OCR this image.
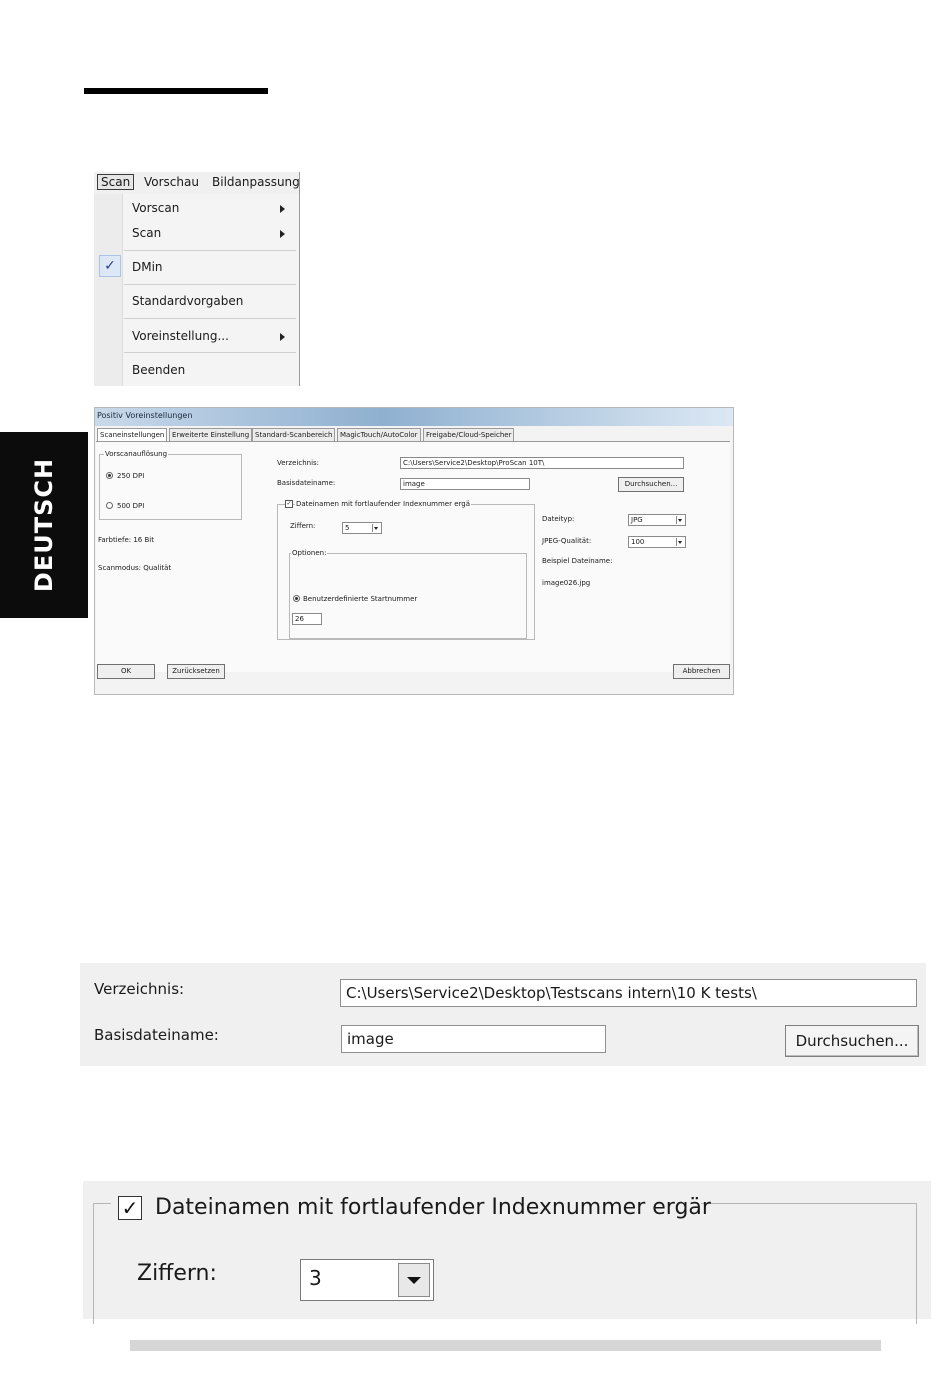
DEUTSCH
Scan	Vorschau Bildanpassung
Vorscan
Scan
✓	DMin
Standardvorgaben
Voreinstellung...
Beenden
Positiv Voreinstellungen
Scaneinstellungen	Erweiterte Einstellung Standard-Scanbereich	MagicTouch/AutoColor	Freigabe/Cloud-Speicher
Vorscanauflösung
250 DPI
500 DPI
Farbtiefe: 16 Bit
Scanmodus: Qualität
Verzeichnis:	C:\Users\Service2\Desktop\ProScan 10T\
Basisdateiname:	image	Durchsuchen...
✓ Dateinamen mit fortlaufender Indexnummer ergä
Ziffern:	5
Optionen:
Benutzerdefinierte Startnummer
26
Dateityp:	JPG
JPEG-Qualität:	100
Beispiel Dateiname:
image026.jpg
OK	Zurücksetzen	Abbrechen
Verzeichnis:	C:\Users\Service2\Desktop\Testscans intern\10 K tests\
Basisdateiname:	image	Durchsuchen...
✓ Dateinamen mit fortlaufender Indexnummer ergär
Ziffern:	3
